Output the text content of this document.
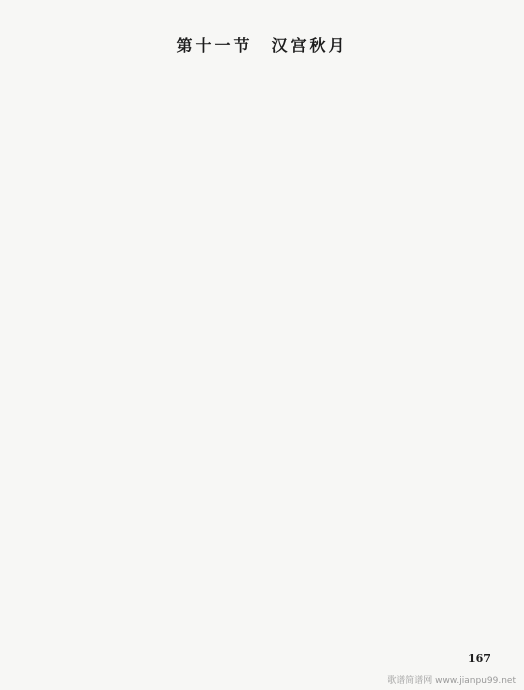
第十一节　汉宫秋月
167
歌谱简谱网 www.jianpu99.net
